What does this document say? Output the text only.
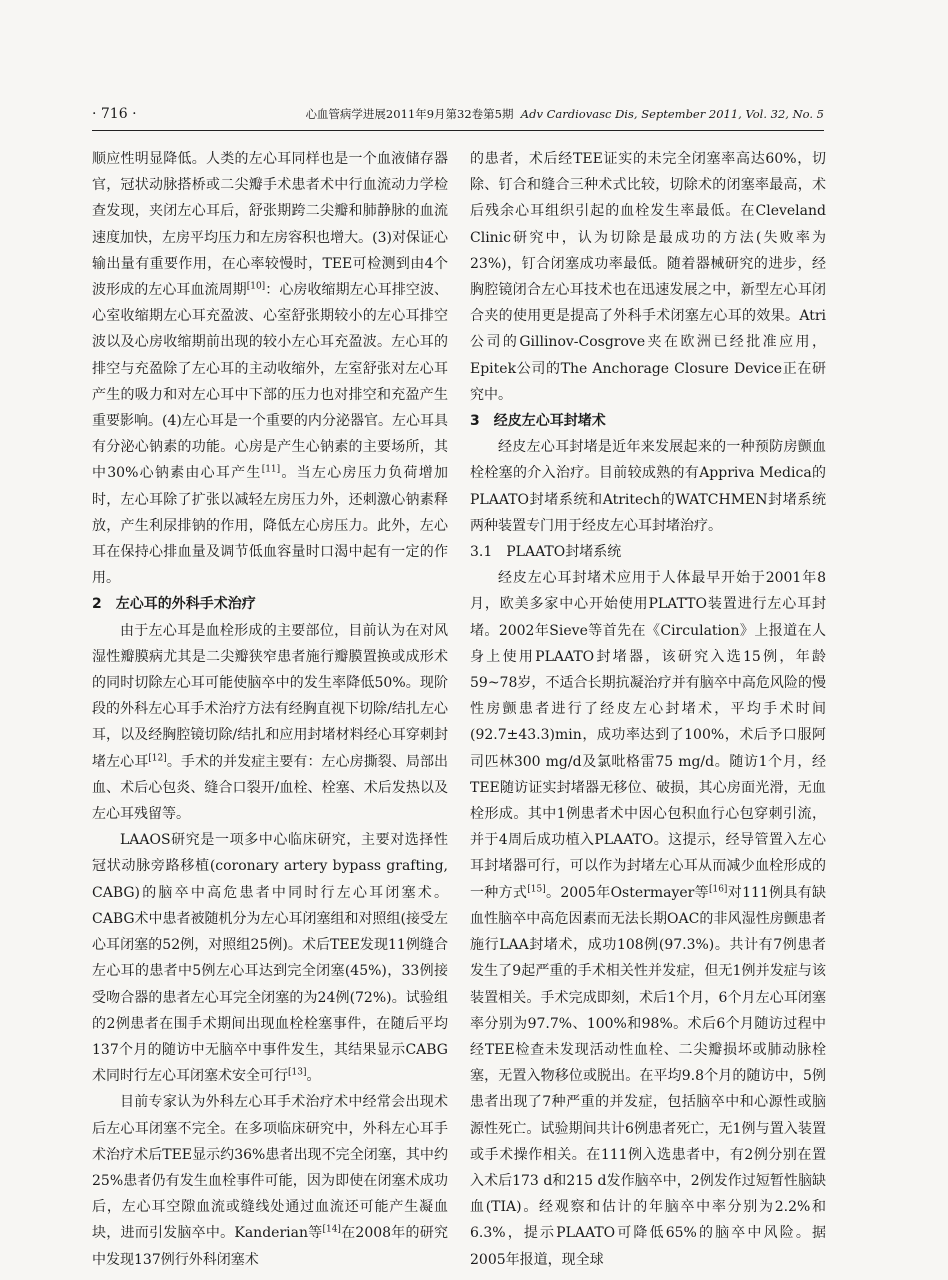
· 716 ·	心血管病学进展2011年9月第32卷第5期 Adv Cardiovasc Dis, September 2011, Vol. 32, No. 5

顺应性明显降低。人类的左心耳同样也是一个血液储存器官，冠状动脉搭桥或二尖瓣手术患者术中行血流动力学检查发现，夹闭左心耳后，舒张期跨二尖瓣和肺静脉的血流速度加快，左房平均压力和左房容积也增大。(3)对保证心输出量有重要作用，在心率较慢时，TEE可检测到由4个波形成的左心耳血流周期[10]：心房收缩期左心耳排空波、心室收缩期左心耳充盈波、心室舒张期较小的左心耳排空波以及心房收缩期前出现的较小左心耳充盈波。左心耳的排空与充盈除了左心耳的主动收缩外，左室舒张对左心耳产生的吸力和对左心耳中下部的压力也对排空和充盈产生重要影响。(4)左心耳是一个重要的内分泌器官。左心耳具有分泌心钠素的功能。心房是产生心钠素的主要场所，其中30%心钠素由心耳产生[11]。当左心房压力负荷增加时，左心耳除了扩张以减轻左房压力外，还刺激心钠素释放，产生利尿排钠的作用，降低左心房压力。此外，左心耳在保持心排血量及调节低血容量时口渴中起有一定的作用。

2　左心耳的外科手术治疗

由于左心耳是血栓形成的主要部位，目前认为在对风湿性瓣膜病尤其是二尖瓣狭窄患者施行瓣膜置换或成形术的同时切除左心耳可能使脑卒中的发生率降低50%。现阶段的外科左心耳手术治疗方法有经胸直视下切除/结扎左心耳，以及经胸腔镜切除/结扎和应用封堵材料经心耳穿刺封堵左心耳[12]。手术的并发症主要有：左心房撕裂、局部出血、术后心包炎、缝合口裂开/血栓、栓塞、术后发热以及左心耳残留等。

LAAOS研究是一项多中心临床研究，主要对选择性冠状动脉旁路移植(coronary artery bypass grafting, CABG)的脑卒中高危患者中同时行左心耳闭塞术。CABG术中患者被随机分为左心耳闭塞组和对照组(接受左心耳闭塞的52例，对照组25例)。术后TEE发现11例缝合左心耳的患者中5例左心耳达到完全闭塞(45%)，33例接受吻合器的患者左心耳完全闭塞的为24例(72%)。试验组的2例患者在围手术期间出现血栓栓塞事件，在随后平均137个月的随访中无脑卒中事件发生，其结果显示CABG术同时行左心耳闭塞术安全可行[13]。

目前专家认为外科左心耳手术治疗术中经常会出现术后左心耳闭塞不完全。在多项临床研究中，外科左心耳手术治疗术后TEE显示约36%患者出现不完全闭塞，其中约25%患者仍有发生血栓事件可能，因为即使在闭塞术成功后，左心耳空隙血流或缝线处通过血流还可能产生凝血块，进而引发脑卒中。Kanderian等[14]在2008年的研究中发现137例行外科闭塞术

的患者，术后经TEE证实的未完全闭塞率高达60%，切除、钉合和缝合三种术式比较，切除术的闭塞率最高，术后残余心耳组织引起的血栓发生率最低。在Cleveland Clinic研究中，认为切除是最成功的方法(失败率为23%)，钉合闭塞成功率最低。随着器械研究的进步，经胸腔镜闭合左心耳技术也在迅速发展之中，新型左心耳闭合夹的使用更是提高了外科手术闭塞左心耳的效果。Atri公司的Gillinov-Cosgrove夹在欧洲已经批准应用，Epitek公司的The Anchorage Closure Device正在研究中。

3　经皮左心耳封堵术

经皮左心耳封堵是近年来发展起来的一种预防房颤血栓栓塞的介入治疗。目前较成熟的有Appriva Medica的PLAATO封堵系统和Atritech的WATCHMEN封堵系统两种装置专门用于经皮左心耳封堵治疗。

3.1　PLAATO封堵系统

经皮左心耳封堵术应用于人体最早开始于2001年8月，欧美多家中心开始使用PLATTO装置进行左心耳封堵。2002年Sieve等首先在《Circulation》上报道在人身上使用PLAATO封堵器，该研究入选15例，年龄59~78岁，不适合长期抗凝治疗并有脑卒中高危风险的慢性房颤患者进行了经皮左心封堵术，平均手术时间(92.7±43.3)min，成功率达到了100%，术后予口服阿司匹林300 mg/d及氯吡格雷75 mg/d。随访1个月，经TEE随访证实封堵器无移位、破损，其心房面光滑，无血栓形成。其中1例患者术中因心包积血行心包穿刺引流，并于4周后成功植入PLAATO。这提示，经导管置入左心耳封堵器可行，可以作为封堵左心耳从而减少血栓形成的一种方式[15]。2005年Ostermayer等[16]对111例具有缺血性脑卒中高危因素而无法长期OAC的非风湿性房颤患者施行LAA封堵术，成功108例(97.3%)。共计有7例患者发生了9起严重的手术相关性并发症，但无1例并发症与该装置相关。手术完成即刻，术后1个月，6个月左心耳闭塞率分别为97.7%、100%和98%。术后6个月随访过程中经TEE检查未发现活动性血栓、二尖瓣损坏或肺动脉栓塞，无置入物移位或脱出。在平均9.8个月的随访中，5例患者出现了7种严重的并发症，包括脑卒中和心源性或脑源性死亡。试验期间共计6例患者死亡，无1例与置入装置或手术操作相关。在111例入选患者中，有2例分别在置入术后173 d和215 d发作脑卒中，2例发作过短暂性脑缺血(TIA)。经观察和估计的年脑卒中率分别为2.2%和6.3%，提示PLAATO可降低65%的脑卒中风险。据2005年报道，现全球
